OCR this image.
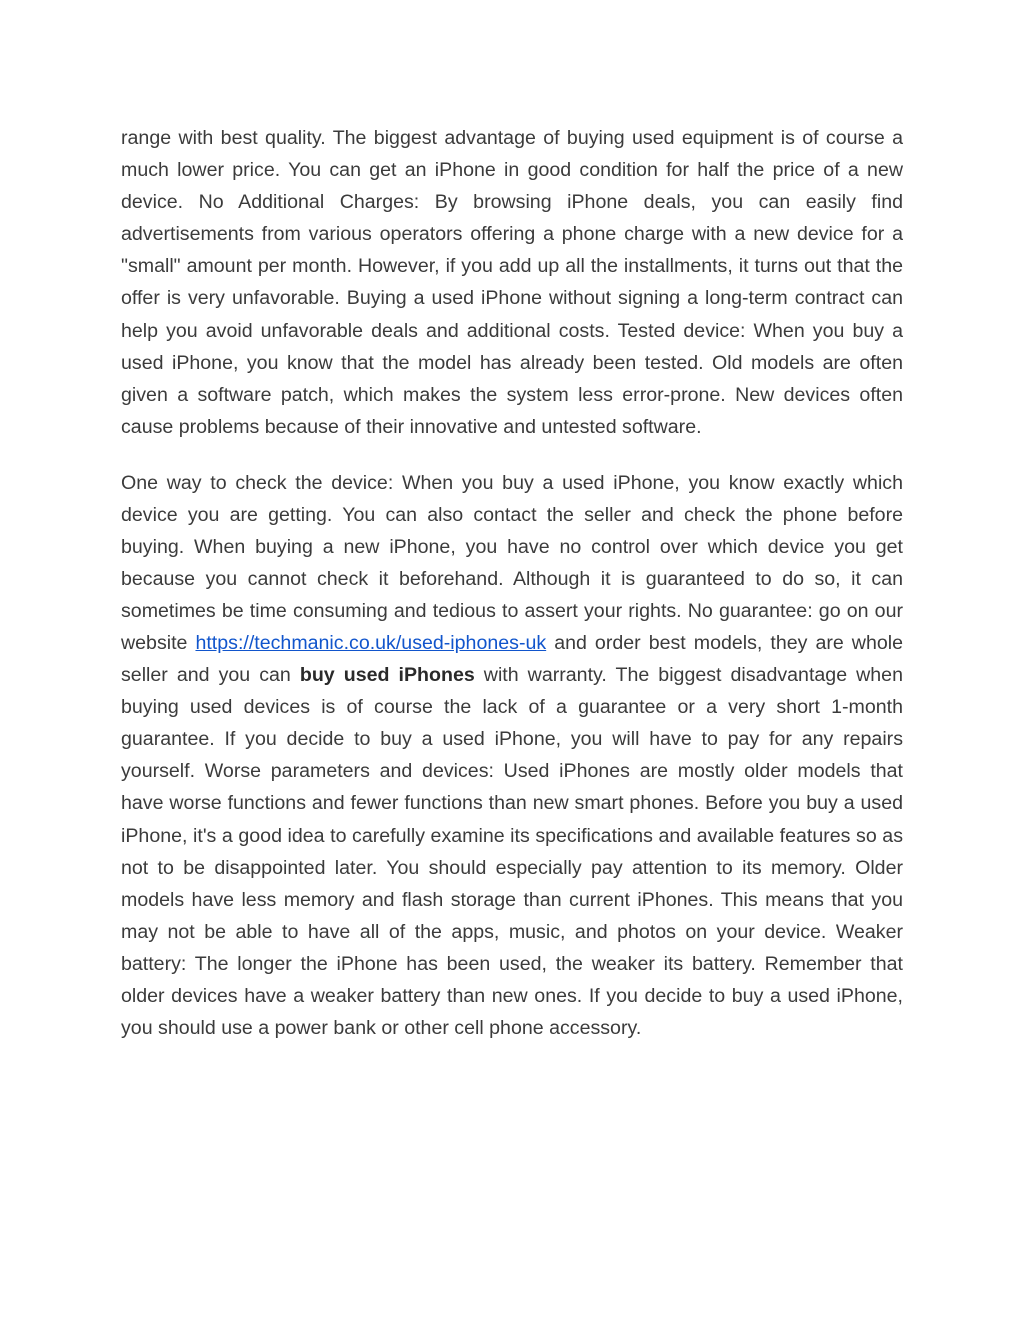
range with best quality. The biggest advantage of buying used equipment is of course a much lower price. You can get an iPhone in good condition for half the price of a new device. No Additional Charges: By browsing iPhone deals, you can easily find advertisements from various operators offering a phone charge with a new device for a "small" amount per month. However, if you add up all the installments, it turns out that the offer is very unfavorable. Buying a used iPhone without signing a long-term contract can help you avoid unfavorable deals and additional costs. Tested device: When you buy a used iPhone, you know that the model has already been tested. Old models are often given a software patch, which makes the system less error-prone. New devices often cause problems because of their innovative and untested software.

One way to check the device: When you buy a used iPhone, you know exactly which device you are getting. You can also contact the seller and check the phone before buying. When buying a new iPhone, you have no control over which device you get because you cannot check it beforehand. Although it is guaranteed to do so, it can sometimes be time consuming and tedious to assert your rights. No guarantee: go on our website https://techmanic.co.uk/used-iphones-uk and order best models, they are whole seller and you can buy used iPhones with warranty. The biggest disadvantage when buying used devices is of course the lack of a guarantee or a very short 1-month guarantee. If you decide to buy a used iPhone, you will have to pay for any repairs yourself. Worse parameters and devices: Used iPhones are mostly older models that have worse functions and fewer functions than new smart phones. Before you buy a used iPhone, it's a good idea to carefully examine its specifications and available features so as not to be disappointed later. You should especially pay attention to its memory. Older models have less memory and flash storage than current iPhones. This means that you may not be able to have all of the apps, music, and photos on your device. Weaker battery: The longer the iPhone has been used, the weaker its battery. Remember that older devices have a weaker battery than new ones. If you decide to buy a used iPhone, you should use a power bank or other cell phone accessory.
